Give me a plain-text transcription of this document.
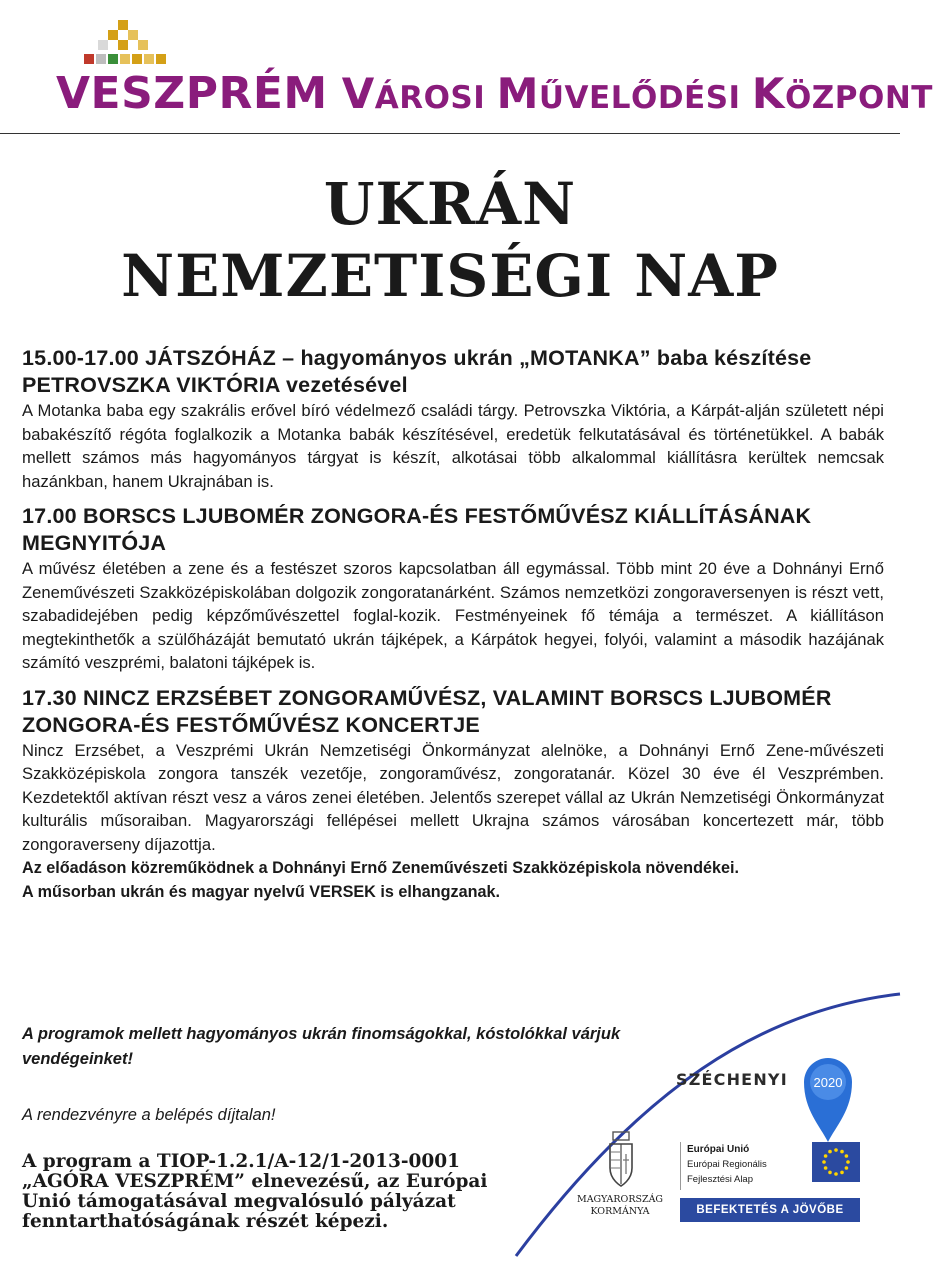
VESZPRÉM VÁROSI MŰVELŐDÉSI KÖZPONT
UKRÁN
NEMZETISÉGI NAP

15.00-17.00 JÁTSZÓHÁZ – hagyományos ukrán „MOTANKA” baba készítése PETROVSZKA VIKTÓRIA vezetésével

A Motanka baba egy szakrális erővel bíró védelmező családi tárgy. Petrovszka Viktória, a Kárpát-alján született népi babakészítő régóta foglalkozik a Motanka babák készítésével, eredetük felkutatásával és történetükkel. A babák mellett számos más hagyományos tárgyat is készít, alkotásai több alkalommal kiállításra kerültek nemcsak hazánkban, hanem Ukrajnában is.

17.00 BORSCS LJUBOMÉR ZONGORA-ÉS FESTŐMŰVÉSZ KIÁLLÍTÁSÁNAK MEGNYITÓJA

A művész életében a zene és a festészet szoros kapcsolatban áll egymással. Több mint 20 éve a Dohnányi Ernő Zeneművészeti Szakközépiskolában dolgozik zongoratanárként. Számos nemzetközi zongoraversenyen is részt vett, szabadidejében pedig képzőművészettel foglal-kozik. Festményeinek fő témája a természet. A kiállításon megtekinthetők a szülőházáját bemutató ukrán tájképek, a Kárpátok hegyei, folyói, valamint a második hazájának számító veszprémi, balatoni tájképek is.

17.30 NINCZ ERZSÉBET ZONGORAMŰVÉSZ, VALAMINT BORSCS LJUBOMÉR ZONGORA-ÉS FESTŐMŰVÉSZ KONCERTJE

Nincz Erzsébet, a Veszprémi Ukrán Nemzetiségi Önkormányzat alelnöke, a Dohnányi Ernő Zene-művészeti Szakközépiskola zongora tanszék vezetője, zongoraművész, zongoratanár. Közel 30 éve él Veszprémben. Kezdetektől aktívan részt vesz a város zenei életében. Jelentős szerepet vállal az Ukrán Nemzetiségi Önkormányzat kulturális műsoraiban. Magyarországi fellépései mellett Ukrajna számos városában koncertezett már, több zongoraverseny díjazottja.

Az előadáson közreműködnek a Dohnányi Ernő Zeneművészeti Szakközépiskola növendékei.

A műsorban ukrán és magyar nyelvű VERSEK is elhangzanak.

A programok mellett hagyományos ukrán finomságokkal, kóstolókkal várjuk vendégeinket!
A rendezvényre a belépés díjtalan!
A program a TIOP-1.2.1/A-12/1-2013-0001 „AGÓRA VESZPRÉM” elnevezésű, az Európai Unió támogatásával megvalósuló pályázat fenntarthatóságának részét képezi.
SZÉCHENYI 2020
MAGYARORSZÁG
KORMÁNYA
Európai Unió
Európai Regionális
Fejlesztési Alap
BEFEKTETÉS A JÖVŐBE
